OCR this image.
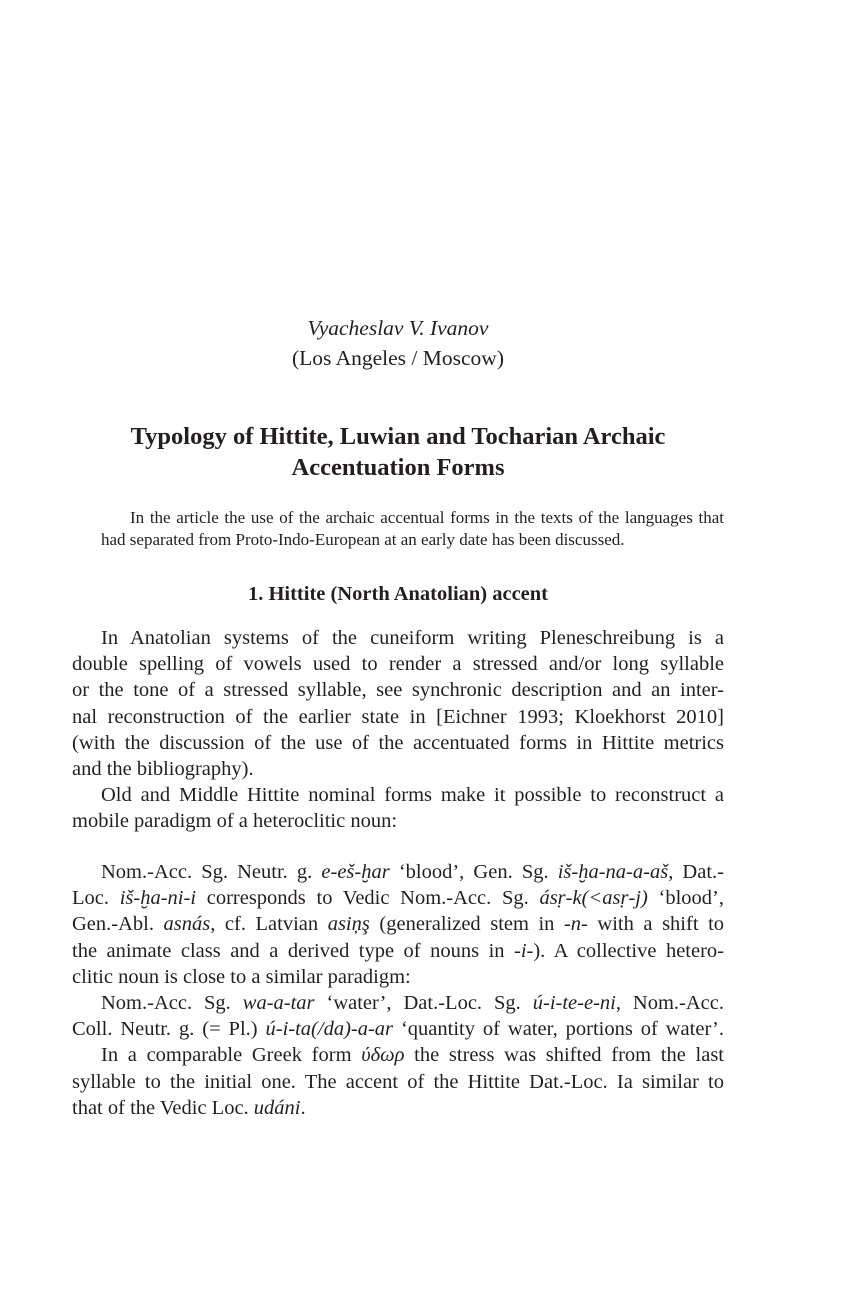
Vyacheslav V. Ivanov
(Los Angeles / Moscow)
Typology of Hittite, Luwian and Tocharian Archaic
Accentuation Forms
In the article the use of the archaic accentual forms in the texts of the languages that
had separated from Proto-Indo-European at an early date has been discussed.
1. Hittite (North Anatolian) accent
In Anatolian systems of the cuneiform writing Pleneschreibung is a
double spelling of vowels used to render a stressed and/or long syllable
or the tone of a stressed syllable, see synchronic description and an inter-
nal reconstruction of the earlier state in [Eichner 1993; Kloekhorst 2010]
(with the discussion of the use of the accentuated forms in Hittite metrics
and the bibliography).
Old and Middle Hittite nominal forms make it possible to reconstruct a
mobile paradigm of a heteroclitic noun:
Nom.-Acc. Sg. Neutr. g. e-eš-ḫar ‘blood’, Gen. Sg. iš-ḫa-na-a-aš, Dat.-
Loc. iš-ḫa-ni-i corresponds to Vedic Nom.-Acc. Sg. ásṛ-k(<asṛ-j) ‘blood’,
Gen.-Abl. asnás, cf. Latvian asiņş (generalized stem in -n- with a shift to
the animate class and a derived type of nouns in -i-). A collective hetero-
clitic noun is close to a similar paradigm:
Nom.-Acc. Sg. wa-a-tar ‘water’, Dat.-Loc. Sg. ú-i-te-e-ni, Nom.-Acc.
Coll. Neutr. g. (= Pl.) ú-i-ta(/da)-a-ar ‘quantity of water, portions of water’.
In a comparable Greek form ύδωρ the stress was shifted from the last
syllable to the initial one. The accent of the Hittite Dat.-Loc. Ia similar to
that of the Vedic Loc. udáni.
